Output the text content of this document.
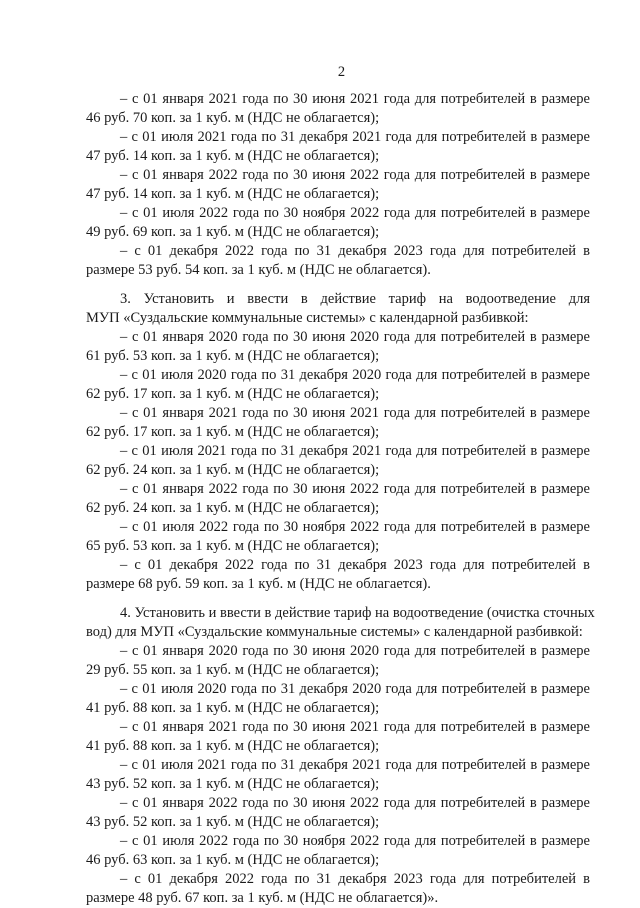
2
– с 01 января 2021 года по 30 июня 2021 года для потребителей в размере
46 руб. 70 коп. за 1 куб. м (НДС не облагается);
– с 01 июля 2021 года по 31 декабря 2021 года для потребителей в размере
47 руб. 14 коп. за 1 куб. м (НДС не облагается);
– с 01 января 2022 года по 30 июня 2022 года для потребителей в размере
47 руб. 14 коп. за 1 куб. м (НДС не облагается);
– с 01 июля 2022 года по 30 ноября 2022 года для потребителей в размере
49 руб. 69 коп. за 1 куб. м (НДС не облагается);
– с 01 декабря 2022 года по 31 декабря 2023 года для потребителей в
размере 53 руб. 54 коп. за 1 куб. м (НДС не облагается).
3. Установить и ввести в действие тариф на водоотведение для
МУП «Суздальские коммунальные системы» с календарной разбивкой:
– с 01 января 2020 года по 30 июня 2020 года для потребителей в размере
61 руб. 53 коп. за 1 куб. м (НДС не облагается);
– с 01 июля 2020 года по 31 декабря 2020 года для потребителей в размере
62 руб. 17 коп. за 1 куб. м (НДС не облагается);
– с 01 января 2021 года по 30 июня 2021 года для потребителей в размере
62 руб. 17 коп. за 1 куб. м (НДС не облагается);
– с 01 июля 2021 года по 31 декабря 2021 года для потребителей в размере
62 руб. 24 коп. за 1 куб. м (НДС не облагается);
– с 01 января 2022 года по 30 июня 2022 года для потребителей в размере
62 руб. 24 коп. за 1 куб. м (НДС не облагается);
– с 01 июля 2022 года по 30 ноября 2022 года для потребителей в размере
65 руб. 53 коп. за 1 куб. м (НДС не облагается);
– с 01 декабря 2022 года по 31 декабря 2023 года для потребителей в
размере 68 руб. 59 коп. за 1 куб. м (НДС не облагается).
4. Установить и ввести в действие тариф на водоотведение (очистка сточных
вод) для МУП «Суздальские коммунальные системы» с календарной разбивкой:
– с 01 января 2020 года по 30 июня 2020 года для потребителей в размере
29 руб. 55 коп. за 1 куб. м (НДС не облагается);
– с 01 июля 2020 года по 31 декабря 2020 года для потребителей в размере
41 руб. 88 коп. за 1 куб. м (НДС не облагается);
– с 01 января 2021 года по 30 июня 2021 года для потребителей в размере
41 руб. 88 коп. за 1 куб. м (НДС не облагается);
– с 01 июля 2021 года по 31 декабря 2021 года для потребителей в размере
43 руб. 52 коп. за 1 куб. м (НДС не облагается);
– с 01 января 2022 года по 30 июня 2022 года для потребителей в размере
43 руб. 52 коп. за 1 куб. м (НДС не облагается);
– с 01 июля 2022 года по 30 ноября 2022 года для потребителей в размере
46 руб. 63 коп. за 1 куб. м (НДС не облагается);
– с 01 декабря 2022 года по 31 декабря 2023 года для потребителей в
размере 48 руб. 67 коп. за 1 куб. м (НДС не облагается)».
